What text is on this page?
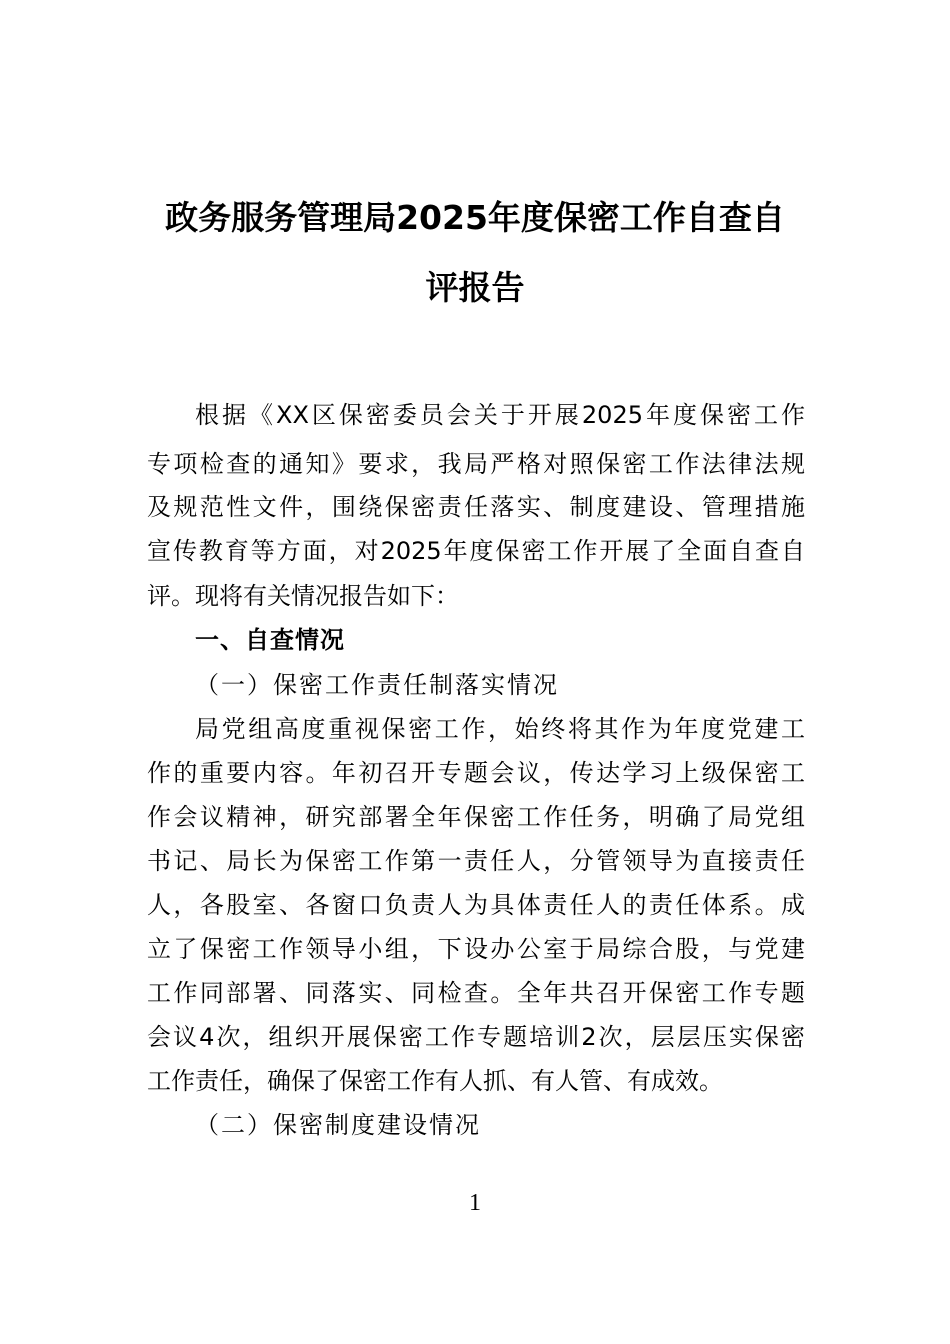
政务服务管理局2025年度保密工作自查自
评报告
根据《XX区保密委员会关于开展2025年度保密工作
专项检查的通知》要求，我局严格对照保密工作法律法规
及规范性文件，围绕保密责任落实、制度建设、管理措施
宣传教育等方面，对2025年度保密工作开展了全面自查自
评。现将有关情况报告如下：
一、自查情况
（一）保密工作责任制落实情况
局党组高度重视保密工作，始终将其作为年度党建工
作的重要内容。年初召开专题会议，传达学习上级保密工
作会议精神，研究部署全年保密工作任务，明确了局党组
书记、局长为保密工作第一责任人，分管领导为直接责任
人，各股室、各窗口负责人为具体责任人的责任体系。成
立了保密工作领导小组，下设办公室于局综合股，与党建
工作同部署、同落实、同检查。全年共召开保密工作专题
会议4次，组织开展保密工作专题培训2次，层层压实保密
工作责任，确保了保密工作有人抓、有人管、有成效。
（二）保密制度建设情况
1
